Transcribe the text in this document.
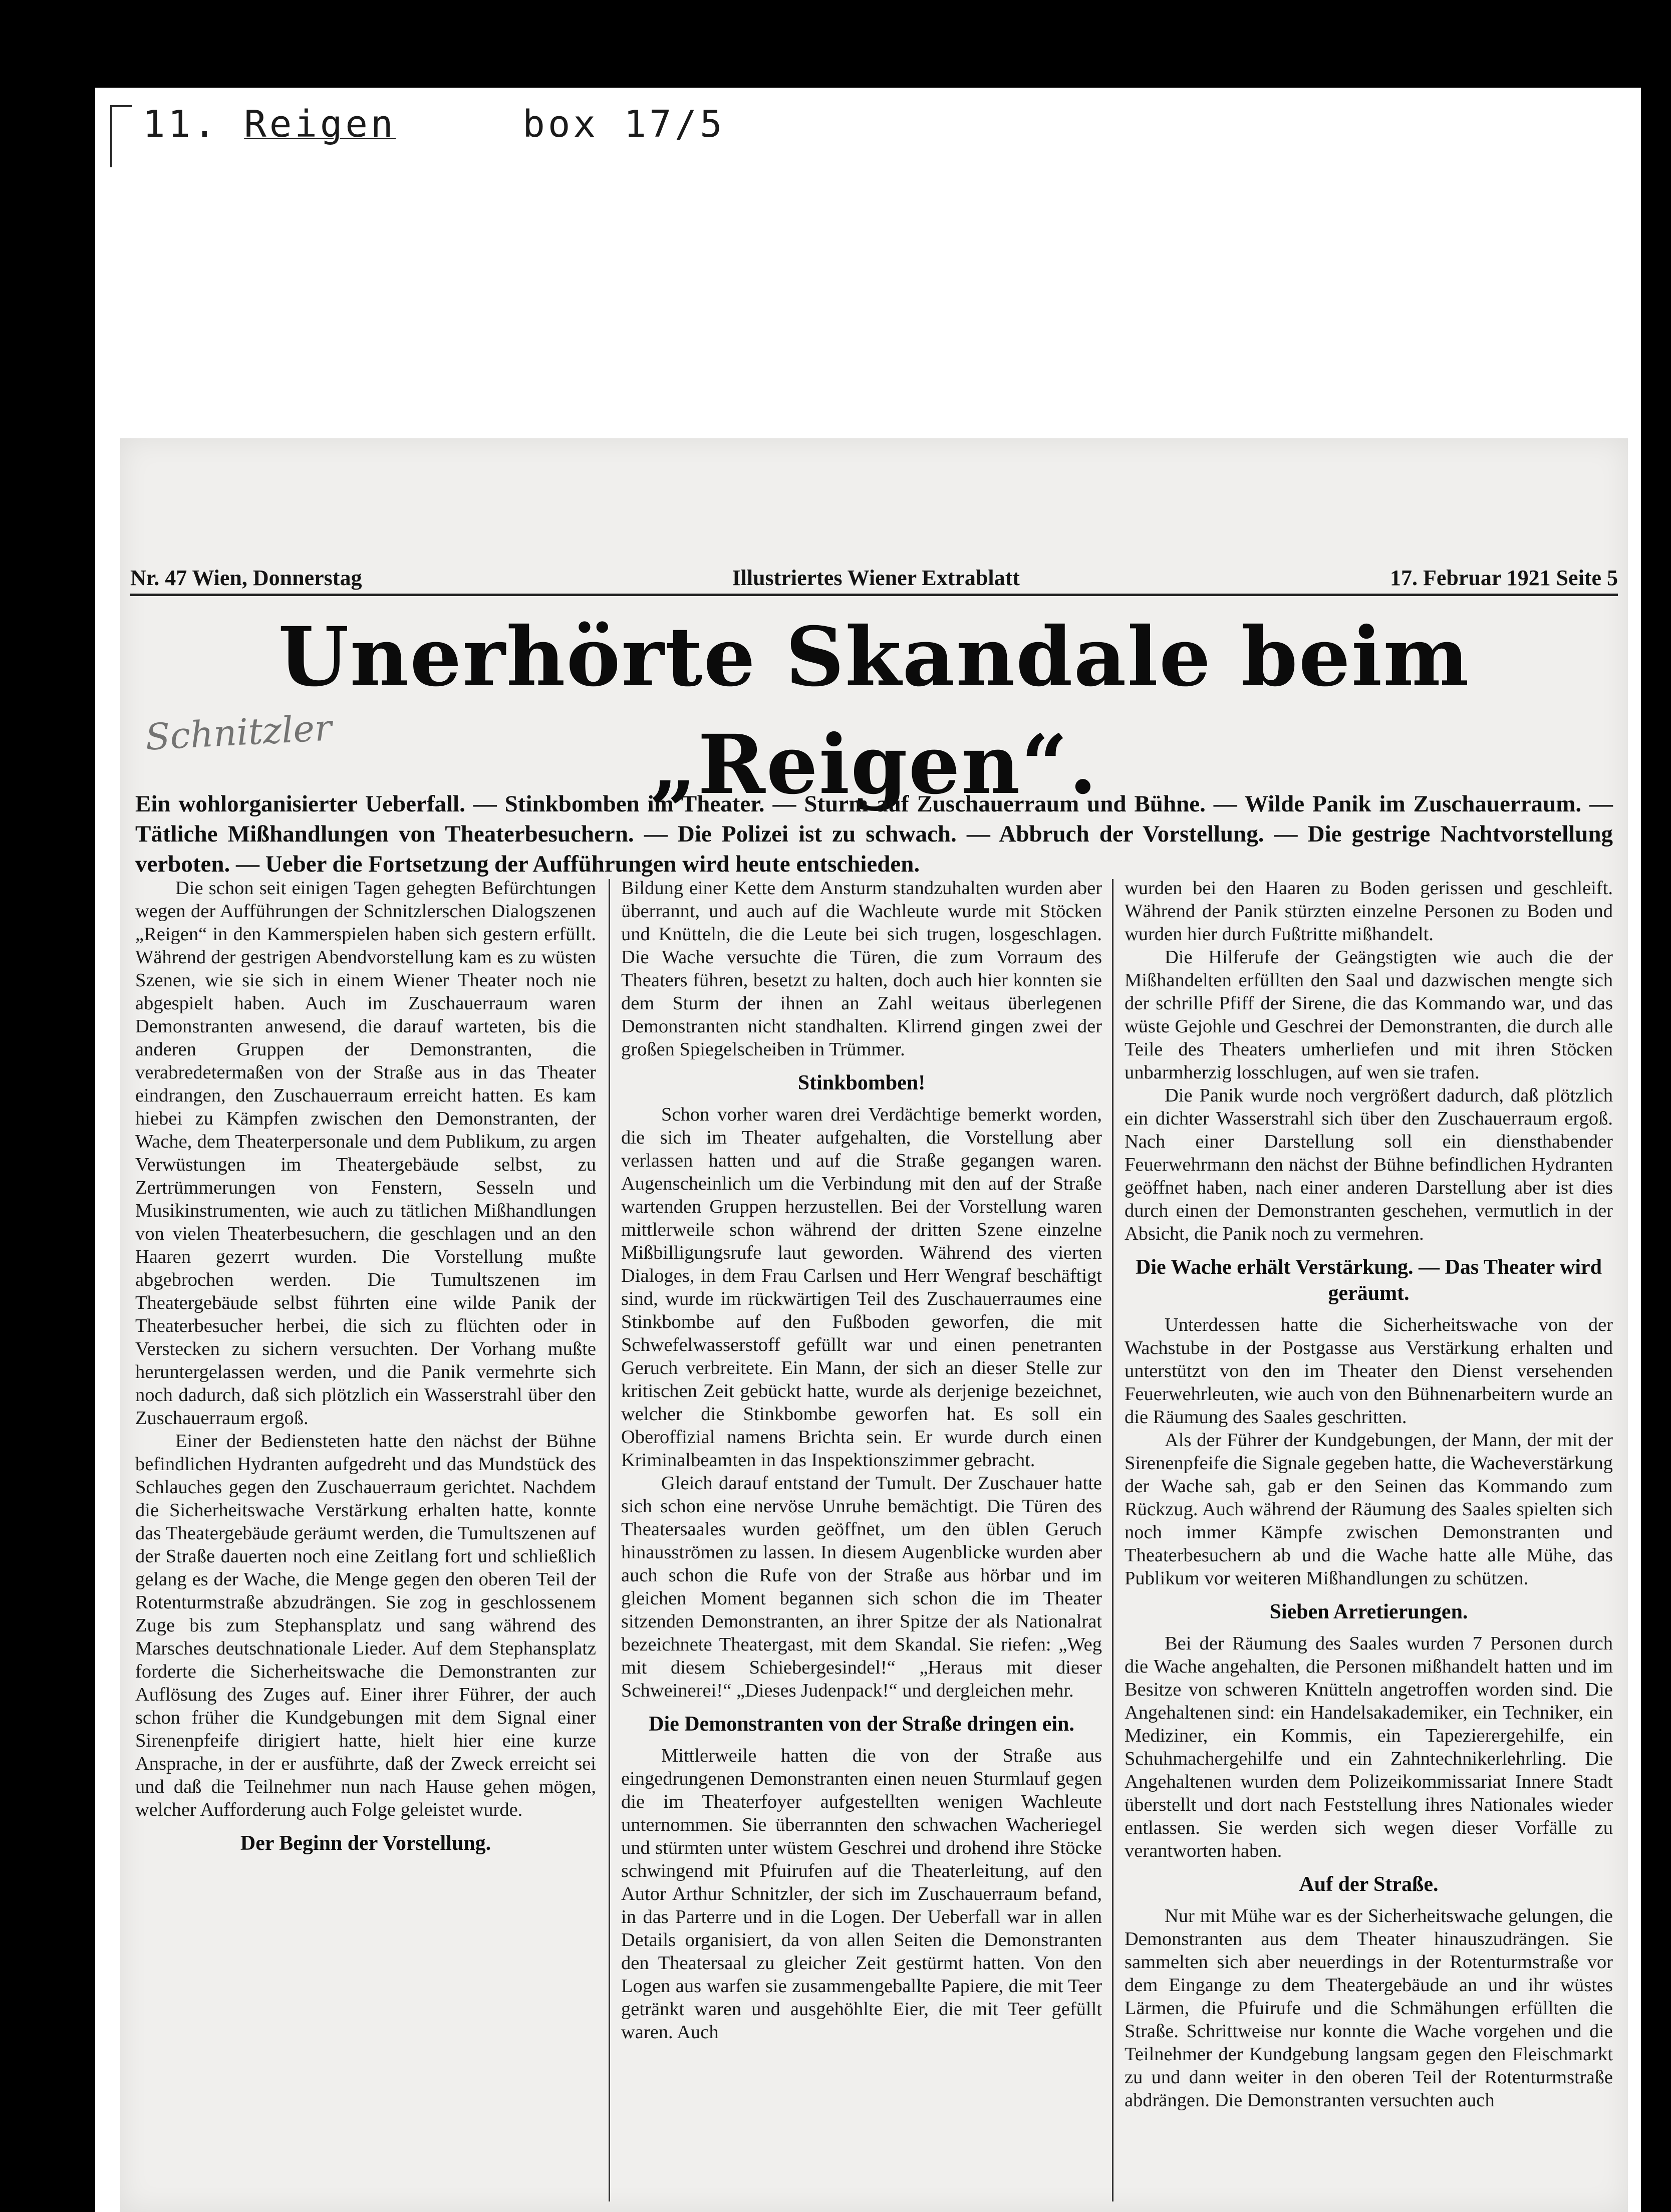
11. Reigen	box 17/5
Nr. 47 Wien, Donnerstag	Illustriertes Wiener Extrablatt	17. Februar 1921 Seite 5
Unerhörte Skandale beim
„Reigen“.
Schnitzler
Ein wohlorganisierter Ueberfall. — Stinkbomben im Theater. — Sturm auf Zuschauerraum und Bühne. — Wilde Panik im Zuschauerraum. — Tätliche Mißhandlungen von Theaterbesuchern. — Die Polizei ist zu schwach. — Abbruch der Vorstellung. — Die gestrige Nachtvorstellung verboten. — Ueber die Fortsetzung der Aufführungen wird heute entschieden.

Die schon seit einigen Tagen gehegten Befürchtungen wegen der Aufführungen der Schnitzlerschen Dialogszenen „Reigen“ in den Kammerspielen haben sich gestern erfüllt. Während der gestrigen Abendvorstellung kam es zu wüsten Szenen, wie sie sich in einem Wiener Theater noch nie abgespielt haben. Auch im Zuschauerraum waren Demonstranten anwesend, die darauf warteten, bis die anderen Gruppen der Demonstranten, die verabredetermaßen von der Straße aus in das Theater eindrangen, den Zuschauerraum erreicht hatten. Es kam hiebei zu Kämpfen zwischen den Demonstranten, der Wache, dem Theaterpersonale und dem Publikum, zu argen Verwüstungen im Theatergebäude selbst, zu Zertrümmerungen von Fenstern, Sesseln und Musikinstrumenten, wie auch zu tätlichen Mißhandlungen von vielen Theaterbesuchern, die geschlagen und an den Haaren gezerrt wurden. Die Vorstellung mußte abgebrochen werden. Die Tumultszenen im Theatergebäude selbst führten eine wilde Panik der Theaterbesucher herbei, die sich zu flüchten oder in Verstecken zu sichern versuchten. Der Vorhang mußte heruntergelassen werden, und die Panik vermehrte sich noch dadurch, daß sich plötzlich ein Wasserstrahl über den Zuschauerraum ergoß.

Einer der Bediensteten hatte den nächst der Bühne befindlichen Hydranten aufgedreht und das Mundstück des Schlauches gegen den Zuschauerraum gerichtet. Nachdem die Sicherheitswache Verstärkung erhalten hatte, konnte das Theatergebäude geräumt werden, die Tumultszenen auf der Straße dauerten noch eine Zeitlang fort und schließlich gelang es der Wache, die Menge gegen den oberen Teil der Rotenturmstraße abzudrängen. Sie zog in geschlossenem Zuge bis zum Stephansplatz und sang während des Marsches deutschnationale Lieder. Auf dem Stephansplatz forderte die Sicherheitswache die Demonstranten zur Auflösung des Zuges auf. Einer ihrer Führer, der auch schon früher die Kundgebungen mit dem Signal einer Sirenenpfeife dirigiert hatte, hielt hier eine kurze Ansprache, in der er ausführte, daß der Zweck erreicht sei und daß die Teilnehmer nun nach Hause gehen mögen, welcher Aufforderung auch Folge geleistet wurde.

Der Beginn der Vorstellung.

Bildung einer Kette dem Ansturm standzuhalten wurden aber überrannt, und auch auf die Wachleute wurde mit Stöcken und Knütteln, die die Leute bei sich trugen, losgeschlagen. Die Wache versuchte die Türen, die zum Vorraum des Theaters führen, besetzt zu halten, doch auch hier konnten sie dem Sturm der ihnen an Zahl weitaus überlegenen Demonstranten nicht standhalten. Klirrend gingen zwei der großen Spiegelscheiben in Trümmer.

Stinkbomben!

Schon vorher waren drei Verdächtige bemerkt worden, die sich im Theater aufgehalten, die Vorstellung aber verlassen hatten und auf die Straße gegangen waren. Augenscheinlich um die Verbindung mit den auf der Straße wartenden Gruppen herzustellen. Bei der Vorstellung waren mittlerweile schon während der dritten Szene einzelne Mißbilligungsrufe laut geworden. Während des vierten Dialoges, in dem Frau Carlsen und Herr Wengraf beschäftigt sind, wurde im rückwärtigen Teil des Zuschauerraumes eine Stinkbombe auf den Fußboden geworfen, die mit Schwefelwasserstoff gefüllt war und einen penetranten Geruch verbreitete. Ein Mann, der sich an dieser Stelle zur kritischen Zeit gebückt hatte, wurde als derjenige bezeichnet, welcher die Stinkbombe geworfen hat. Es soll ein Oberoffizial namens Brichta sein. Er wurde durch einen Kriminalbeamten in das Inspektionszimmer gebracht.

Gleich darauf entstand der Tumult. Der Zuschauer hatte sich schon eine nervöse Unruhe bemächtigt. Die Türen des Theatersaales wurden geöffnet, um den üblen Geruch hinausströmen zu lassen. In diesem Augenblicke wurden aber auch schon die Rufe von der Straße aus hörbar und im gleichen Moment begannen sich schon die im Theater sitzenden Demonstranten, an ihrer Spitze der als Nationalrat bezeichnete Theatergast, mit dem Skandal. Sie riefen: „Weg mit diesem Schiebergesindel!“ „Heraus mit dieser Schweinerei!“ „Dieses Judenpack!“ und dergleichen mehr.

Die Demonstranten von der Straße dringen ein.

Mittlerweile hatten die von der Straße aus eingedrungenen Demonstranten einen neuen Sturmlauf gegen die im Theaterfoyer aufgestellten wenigen Wachleute unternommen. Sie überrannten den schwachen Wacheriegel und stürmten unter wüstem Geschrei und drohend ihre Stöcke schwingend mit Pfuirufen auf die Theaterleitung, auf den Autor Arthur Schnitzler, der sich im Zuschauerraum befand, in das Parterre und in die Logen. Der Ueberfall war in allen Details organisiert, da von allen Seiten die Demonstranten den Theatersaal zu gleicher Zeit gestürmt hatten. Von den Logen aus warfen sie zusammengeballte Papiere, die mit Teer getränkt waren und ausgehöhlte Eier, die mit Teer gefüllt waren. Auch

wurden bei den Haaren zu Boden gerissen und geschleift. Während der Panik stürzten einzelne Personen zu Boden und wurden hier durch Fußtritte mißhandelt.

Die Hilferufe der Geängstigten wie auch die der Mißhandelten erfüllten den Saal und dazwischen mengte sich der schrille Pfiff der Sirene, die das Kommando war, und das wüste Gejohle und Geschrei der Demonstranten, die durch alle Teile des Theaters umherliefen und mit ihren Stöcken unbarmherzig losschlugen, auf wen sie trafen.

Die Panik wurde noch vergrößert dadurch, daß plötzlich ein dichter Wasserstrahl sich über den Zuschauerraum ergoß. Nach einer Darstellung soll ein diensthabender Feuerwehrmann den nächst der Bühne befindlichen Hydranten geöffnet haben, nach einer anderen Darstellung aber ist dies durch einen der Demonstranten geschehen, vermutlich in der Absicht, die Panik noch zu vermehren.

Die Wache erhält Verstärkung. — Das Theater wird geräumt.

Unterdessen hatte die Sicherheitswache von der Wachstube in der Postgasse aus Verstärkung erhalten und unterstützt von den im Theater den Dienst versehenden Feuerwehrleuten, wie auch von den Bühnenarbeitern wurde an die Räumung des Saales geschritten.

Als der Führer der Kundgebungen, der Mann, der mit der Sirenenpfeife die Signale gegeben hatte, die Wacheverstärkung der Wache sah, gab er den Seinen das Kommando zum Rückzug. Auch während der Räumung des Saales spielten sich noch immer Kämpfe zwischen Demonstranten und Theaterbesuchern ab und die Wache hatte alle Mühe, das Publikum vor weiteren Mißhandlungen zu schützen.

Sieben Arretierungen.

Bei der Räumung des Saales wurden 7 Personen durch die Wache angehalten, die Personen mißhandelt hatten und im Besitze von schweren Knütteln angetroffen worden sind. Die Angehaltenen sind: ein Handelsakademiker, ein Techniker, ein Mediziner, ein Kommis, ein Tapezierergehilfe, ein Schuhmachergehilfe und ein Zahntechnikerlehrling. Die Angehaltenen wurden dem Polizeikommissariat Innere Stadt überstellt und dort nach Feststellung ihres Nationales wieder entlassen. Sie werden sich wegen dieser Vorfälle zu verantworten haben.

Auf der Straße.

Nur mit Mühe war es der Sicherheitswache gelungen, die Demonstranten aus dem Theater hinauszudrängen. Sie sammelten sich aber neuerdings in der Rotenturmstraße vor dem Eingange zu dem Theatergebäude an und ihr wüstes Lärmen, die Pfuirufe und die Schmähungen erfüllten die Straße. Schrittweise nur konnte die Wache vorgehen und die Teilnehmer der Kundgebung langsam gegen den Fleischmarkt zu und dann weiter in den oberen Teil der Rotenturmstraße abdrängen. Die Demonstranten versuchten auch
